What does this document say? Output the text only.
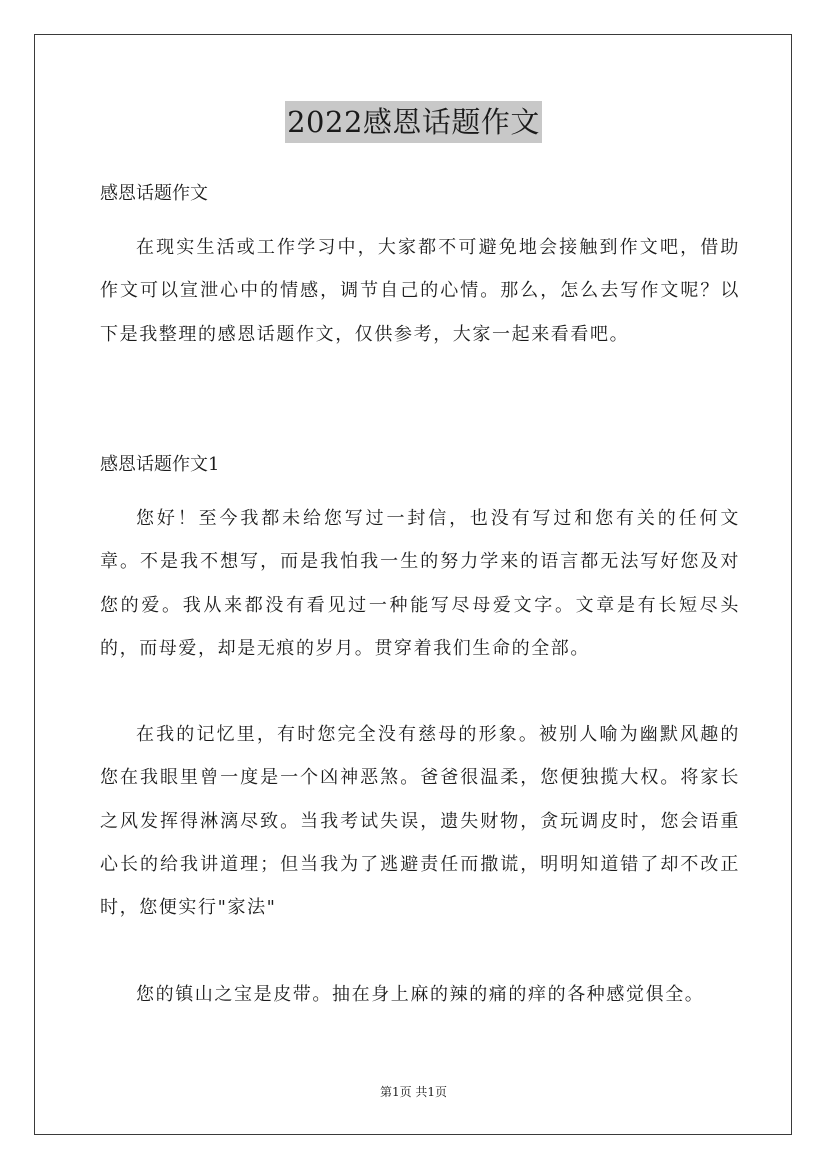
2022感恩话题作文
感恩话题作文
在现实生活或工作学习中，大家都不可避免地会接触到作文吧，借助作文可以宣泄心中的情感，调节自己的心情。那么，怎么去写作文呢？以下是我整理的感恩话题作文，仅供参考，大家一起来看看吧。
感恩话题作文1
您好！至今我都未给您写过一封信，也没有写过和您有关的任何文章。不是我不想写，而是我怕我一生的努力学来的语言都无法写好您及对您的爱。我从来都没有看见过一种能写尽母爱文字。文章是有长短尽头的，而母爱，却是无痕的岁月。贯穿着我们生命的全部。
在我的记忆里，有时您完全没有慈母的形象。被别人喻为幽默风趣的您在我眼里曾一度是一个凶神恶煞。爸爸很温柔，您便独揽大权。将家长之风发挥得淋漓尽致。当我考试失误，遗失财物，贪玩调皮时，您会语重心长的给我讲道理；但当我为了逃避责任而撒谎，明明知道错了却不改正时，您便实行"家法"
您的镇山之宝是皮带。抽在身上麻的辣的痛的痒的各种感觉俱全。
第1页 共1页
